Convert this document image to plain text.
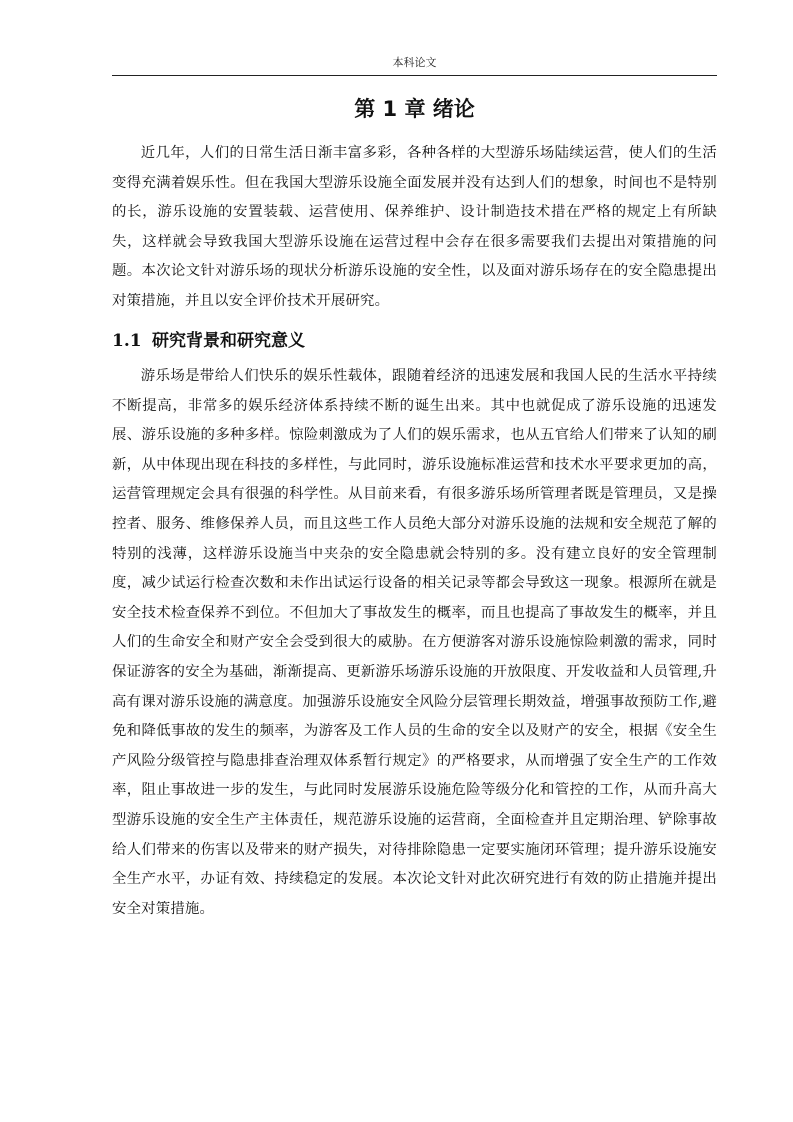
本科论文
第 1 章 绪论

近几年，人们的日常生活日渐丰富多彩，各种各样的大型游乐场陆续运营，使人们的生活变得充满着娱乐性。但在我国大型游乐设施全面发展并没有达到人们的想象，时间也不是特别的长，游乐设施的安置装载、运营使用、保养维护、设计制造技术措在严格的规定上有所缺失，这样就会导致我国大型游乐设施在运营过程中会存在很多需要我们去提出对策措施的问题。本次论文针对游乐场的现状分析游乐设施的安全性，以及面对游乐场存在的安全隐患提出对策措施，并且以安全评价技术开展研究。

1.1 研究背景和研究意义

游乐场是带给人们快乐的娱乐性载体，跟随着经济的迅速发展和我国人民的生活水平持续不断提高，非常多的娱乐经济体系持续不断的诞生出来。其中也就促成了游乐设施的迅速发展、游乐设施的多种多样。惊险刺激成为了人们的娱乐需求，也从五官给人们带来了认知的刷新，从中体现出现在科技的多样性，与此同时，游乐设施标准运营和技术水平要求更加的高，运营管理规定会具有很强的科学性。从目前来看，有很多游乐场所管理者既是管理员，又是操控者、服务、维修保养人员，而且这些工作人员绝大部分对游乐设施的法规和安全规范了解的特别的浅薄，这样游乐设施当中夹杂的安全隐患就会特别的多。没有建立良好的安全管理制度，减少试运行检查次数和未作出试运行设备的相关记录等都会导致这一现象。根源所在就是安全技术检查保养不到位。不但加大了事故发生的概率，而且也提高了事故发生的概率，并且人们的生命安全和财产安全会受到很大的威胁。在方便游客对游乐设施惊险刺激的需求，同时保证游客的安全为基础，渐渐提高、更新游乐场游乐设施的开放限度、开发收益和人员管理,升高有课对游乐设施的满意度。加强游乐设施安全风险分层管理长期效益，增强事故预防工作,避免和降低事故的发生的频率，为游客及工作人员的生命的安全以及财产的安全，根据《安全生产风险分级管控与隐患排查治理双体系暂行规定》的严格要求，从而增强了安全生产的工作效率，阻止事故进一步的发生，与此同时发展游乐设施危险等级分化和管控的工作，从而升高大型游乐设施的安全生产主体责任，规范游乐设施的运营商，全面检查并且定期治理、铲除事故给人们带来的伤害以及带来的财产损失，对待排除隐患一定要实施闭环管理；提升游乐设施安全生产水平，办证有效、持续稳定的发展。本次论文针对此次研究进行有效的防止措施并提出安全对策措施。
